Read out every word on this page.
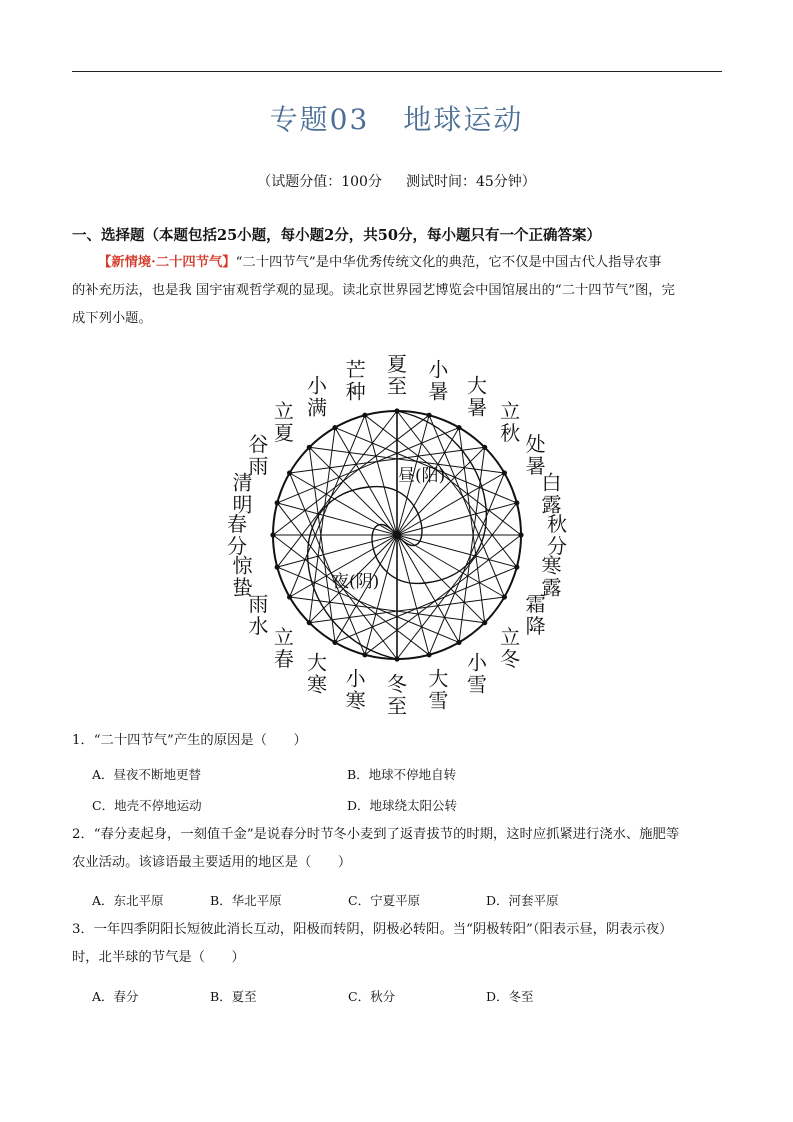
专题03 地球运动
（试题分值：100分 测试时间：45分钟）
一、选择题（本题包括25小题，每小题2分，共50分，每小题只有一个正确答案）
【新情境·二十四节气】“二十四节气”是中华优秀传统文化的典范，它不仅是中国古代人指导农事
的补充历法，也是我 国宇宙观哲学观的显现。读北京世界园艺博览会中国馆展出的“二十四节气”图，完
成下列小题。
夏至
小暑 大暑 立秋 处暑
白露
秋分
寒露
霜降
立冬
小雪
大雪
冬至
小寒
大寒
立春
雨水
惊蛰
春分
清明
谷雨
立夏
小满
芒种
昼(阳)
夜(阴)
1．“二十四节气”产生的原因是（　　）
A．昼夜不断地更替	B．地球不停地自转
C．地壳不停地运动	D．地球绕太阳公转
2．“春分麦起身，一刻值千金”是说春分时节冬小麦到了返青拔节的时期，这时应抓紧进行浇水、施肥等
农业活动。该谚语最主要适用的地区是（　　）
A．东北平原	B．华北平原	C．宁夏平原	D．河套平原
3．一年四季阴阳长短彼此消长互动，阳极而转阴，阴极必转阳。当“阴极转阳”（阳表示昼，阴表示夜）
时，北半球的节气是（　　）
A．春分	B．夏至	C．秋分	D．冬至
